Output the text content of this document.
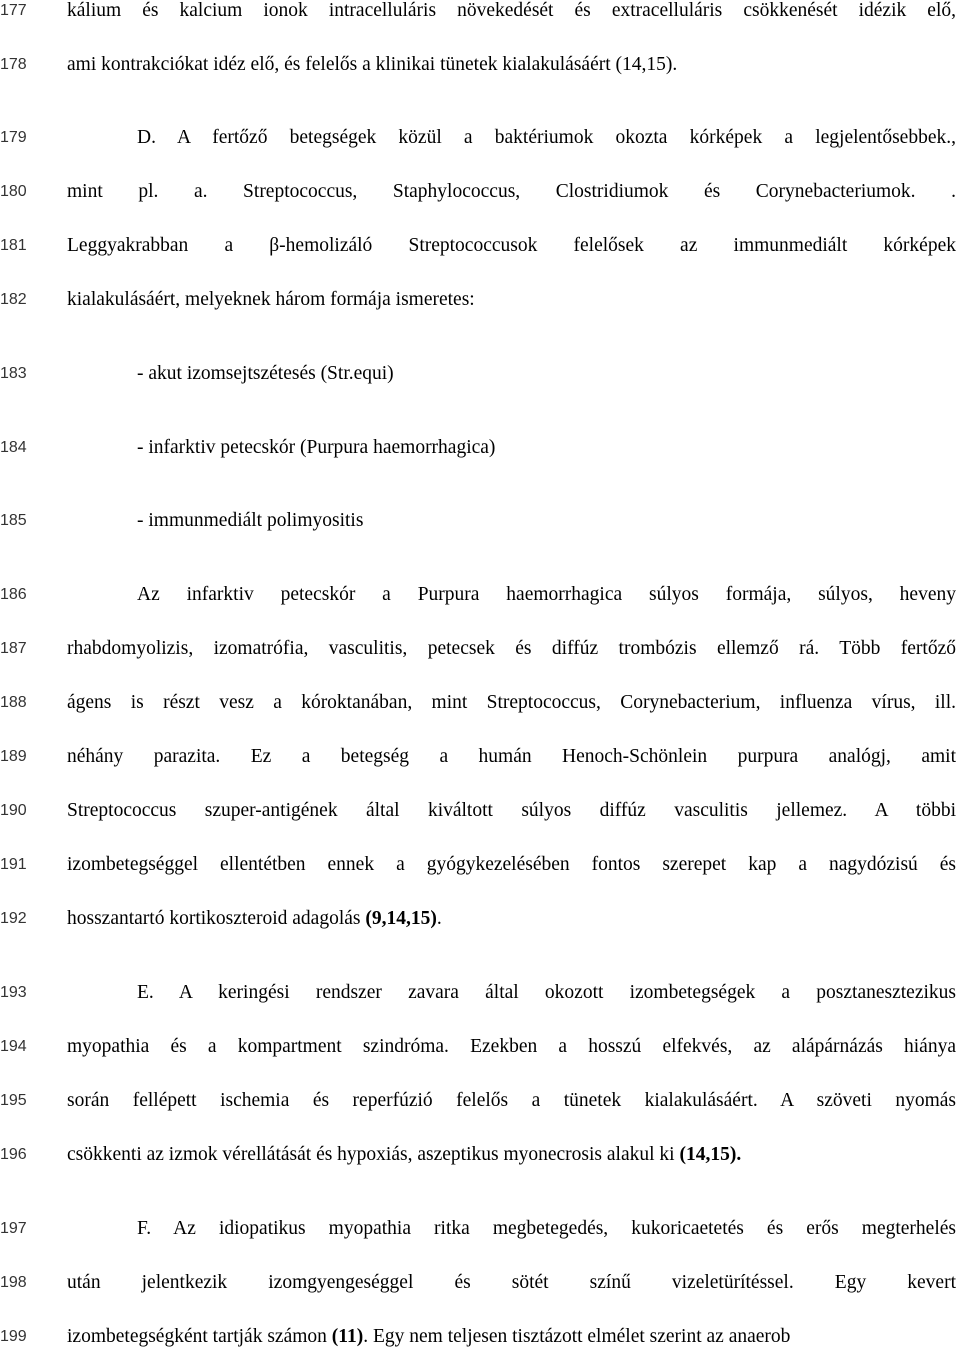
177	kálium és kalcium ionok intracelluláris növekedését és extracelluláris csökkenését idézik elő,
178	ami kontrakciókat idéz elő, és felelős a klinikai tünetek kialakulásáért (14,15).
179	D. A fertőző betegségek közül a baktériumok okozta kórképek a legjelentősebbek.,
180	mint pl. a. Streptococcus, Staphylococcus, Clostridiumok és Corynebacteriumok. .
181	Leggyakrabban a β-hemolizáló Streptococcusok felelősek az immunmediált kórképek
182	kialakulásáért, melyeknek három formája ismeretes:
183	- akut izomsejtszétesés (Str.equi)
184	- infarktiv petecskór (Purpura haemorrhagica)
185	- immunmediált polimyositis
186	Az infarktiv petecskór a Purpura haemorrhagica súlyos formája, súlyos, heveny
187	rhabdomyolizis, izomatrófia, vasculitis, petecsek és diffúz trombózis ellemző rá. Több fertőző
188	ágens is részt vesz a kóroktanában, mint Streptococcus, Corynebacterium, influenza vírus, ill.
189	néhány parazita. Ez a betegség a humán Henoch-Schönlein purpura analógj, amit
190	Streptococcus szuper-antigének által kiváltott súlyos diffúz vasculitis jellemez. A többi
191	izombetegséggel ellentétben ennek a gyógykezelésében fontos szerepet kap a nagydózisú és
192	hosszantartó kortikoszteroid adagolás (9,14,15).
193	E. A keringési rendszer zavara által okozott izombetegségek a posztanesztezikus
194	myopathia és a kompartment szindróma. Ezekben a hosszú elfekvés, az alápárnázás hiánya
195	során fellépett ischemia és reperfúzió felelős a tünetek kialakulásáért. A szöveti nyomás
196	csökkenti az izmok vérellátását és hypoxiás, aszeptikus myonecrosis alakul ki (14,15).
197	F. Az idiopatikus myopathia ritka megbetegedés, kukoricaetetés és erős megterhelés
198	után jelentkezik izomgyengeséggel és sötét színű vizeletürítéssel. Egy kevert
199	izombetegségként tartják számon (11). Egy nem teljesen tisztázott elmélet szerint az anaerob
